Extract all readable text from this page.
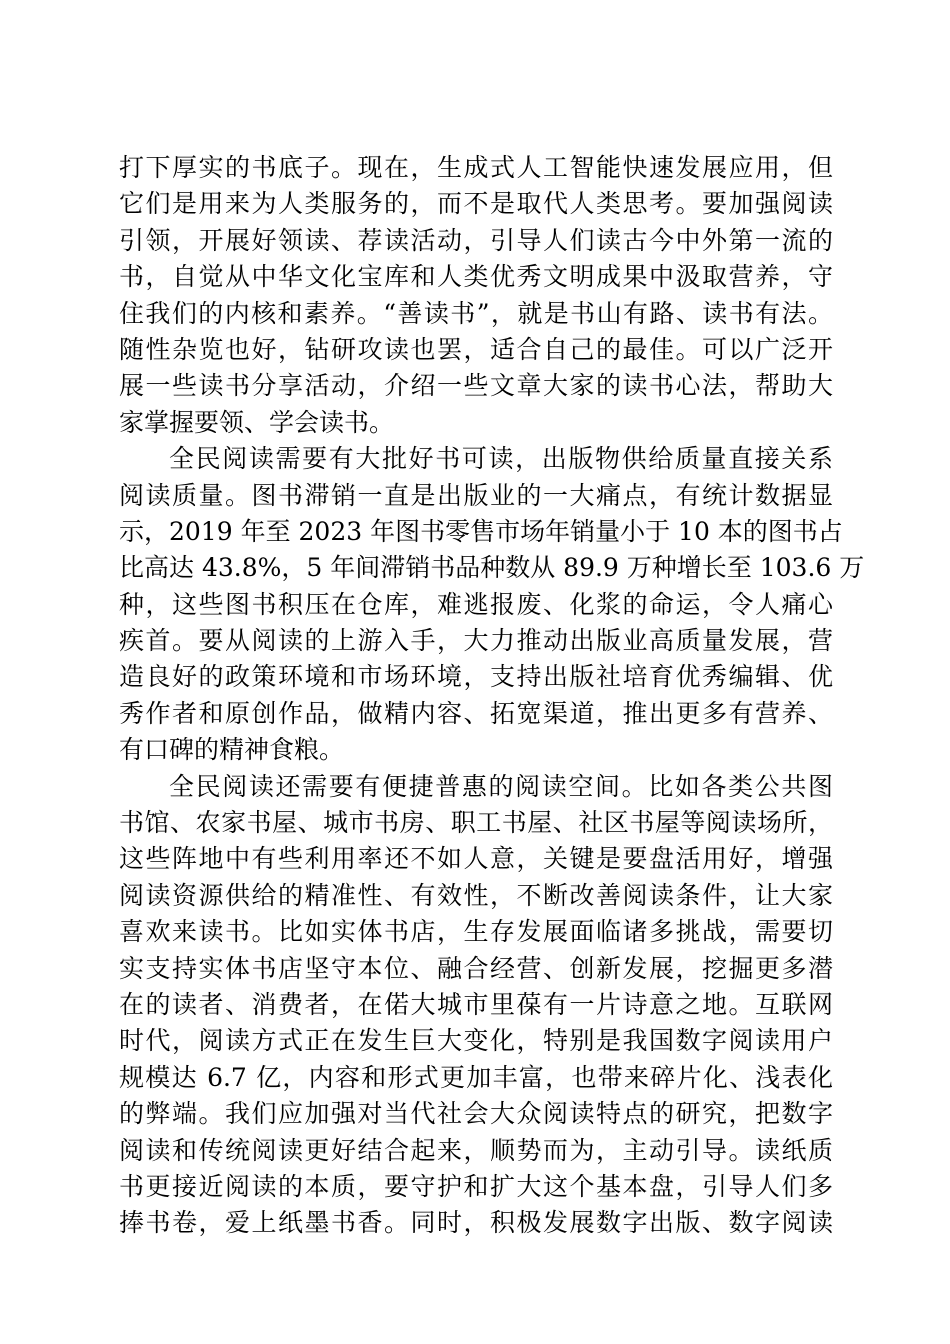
打下厚实的书底子。现在，生成式人工智能快速发展应用，但
它们是用来为人类服务的，而不是取代人类思考。要加强阅读
引领，开展好领读、荐读活动，引导人们读古今中外第一流的
书，自觉从中华文化宝库和人类优秀文明成果中汲取营养，守
住我们的内核和素养。“善读书”，就是书山有路、读书有法。
随性杂览也好，钻研攻读也罢，适合自己的最佳。可以广泛开
展一些读书分享活动，介绍一些文章大家的读书心法，帮助大
家掌握要领、学会读书。
全民阅读需要有大批好书可读，出版物供给质量直接关系
阅读质量。图书滞销一直是出版业的一大痛点，有统计数据显
示，2019 年至 2023 年图书零售市场年销量小于 10 本的图书占
比高达 43.8%，5 年间滞销书品种数从 89.9 万种增长至 103.6 万
种，这些图书积压在仓库，难逃报废、化浆的命运，令人痛心
疾首。要从阅读的上游入手，大力推动出版业高质量发展，营
造良好的政策环境和市场环境，支持出版社培育优秀编辑、优
秀作者和原创作品，做精内容、拓宽渠道，推出更多有营养、
有口碑的精神食粮。
全民阅读还需要有便捷普惠的阅读空间。比如各类公共图
书馆、农家书屋、城市书房、职工书屋、社区书屋等阅读场所，
这些阵地中有些利用率还不如人意，关键是要盘活用好，增强
阅读资源供给的精准性、有效性，不断改善阅读条件，让大家
喜欢来读书。比如实体书店，生存发展面临诸多挑战，需要切
实支持实体书店坚守本位、融合经营、创新发展，挖掘更多潜
在的读者、消费者，在偌大城市里葆有一片诗意之地。互联网
时代，阅读方式正在发生巨大变化，特别是我国数字阅读用户
规模达 6.7 亿，内容和形式更加丰富，也带来碎片化、浅表化
的弊端。我们应加强对当代社会大众阅读特点的研究，把数字
阅读和传统阅读更好结合起来，顺势而为，主动引导。读纸质
书更接近阅读的本质，要守护和扩大这个基本盘，引导人们多
捧书卷，爱上纸墨书香。同时，积极发展数字出版、数字阅读
